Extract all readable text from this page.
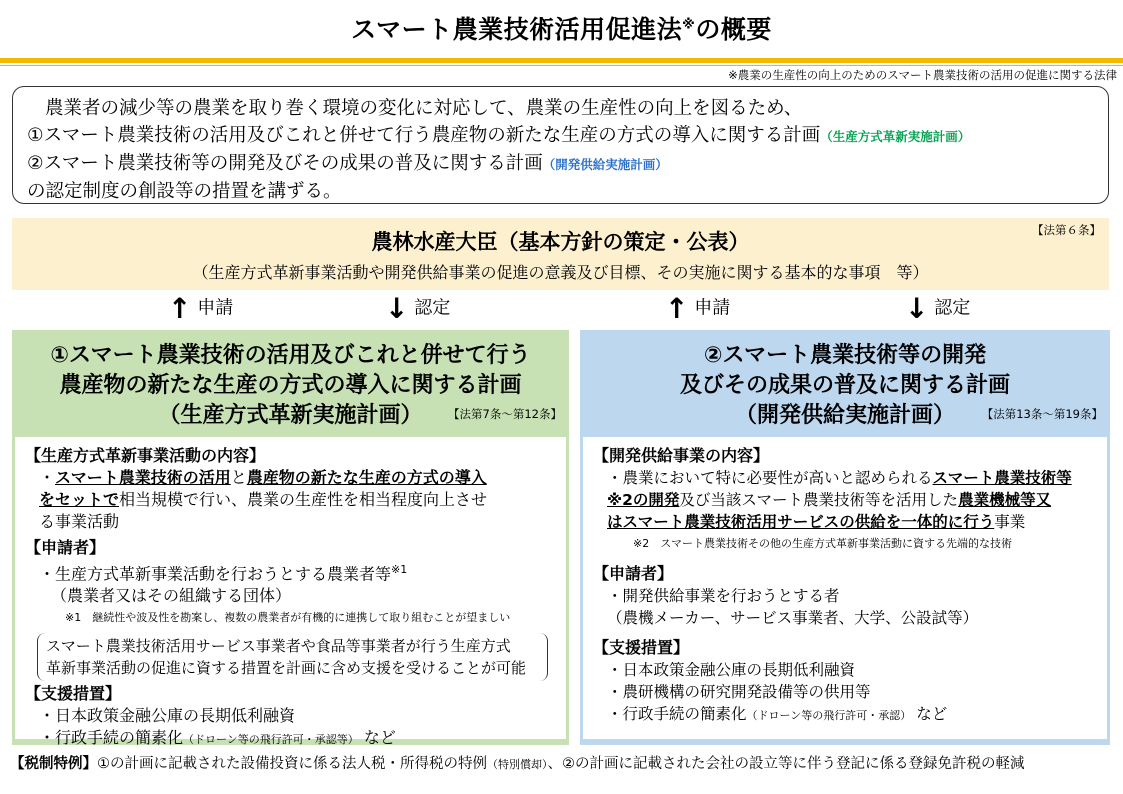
スマート農業技術活用促進法※の概要
※農業の生産性の向上のためのスマート農業技術の活用の促進に関する法律
農業者の減少等の農業を取り巻く環境の変化に対応して、農業の生産性の向上を図るため、
①スマート農業技術の活用及びこれと併せて行う農産物の新たな生産の方式の導入に関する計画（生産方式革新実施計画）
②スマート農業技術等の開発及びその成果の普及に関する計画（開発供給実施計画）
の認定制度の創設等の措置を講ずる。
農林水産大臣（基本方針の策定・公表）
（生産方式革新事業活動や開発供給事業の促進の意義及び目標、その実施に関する基本的な事項　等）
【法第６条】
↑ 申請	↓ 認定	↑ 申請	↓ 認定
①スマート農業技術の活用及びこれと併せて行う
農産物の新たな生産の方式の導入に関する計画
（生産方式革新実施計画）	【法第7条～第12条】
【生産方式革新事業活動の内容】
・スマート農業技術の活用と農産物の新たな生産の方式の導入
をセットで相当規模で行い、農業の生産性を相当程度向上させ
る事業活動
【申請者】
・生産方式革新事業活動を行おうとする農業者等$^{※1}$
（農業者又はその組織する団体）
※1　継続性や波及性を勘案し、複数の農業者が有機的に連携して取り組むことが望ましい
スマート農業技術活用サービス事業者や食品等事業者が行う生産方式
革新事業活動の促進に資する措置を計画に含め支援を受けることが可能
【支援措置】
・日本政策金融公庫の長期低利融資
・行政手続の簡素化（ドローン等の飛行許可・承認等） など
②スマート農業技術等の開発
及びその成果の普及に関する計画
（開発供給実施計画）	【法第13条～第19条】
【開発供給事業の内容】
・農業において特に必要性が高いと認められるスマート農業技術等
※2の開発及び当該スマート農業技術等を活用した農業機械等又
はスマート農業技術活用サービスの供給を一体的に行う事業
※2　スマート農業技術その他の生産方式革新事業活動に資する先端的な技術
【申請者】
・開発供給事業を行おうとする者
（農機メーカー、サービス事業者、大学、公設試等）
【支援措置】
・日本政策金融公庫の長期低利融資
・農研機構の研究開発設備等の供用等
・行政手続の簡素化（ドローン等の飛行許可・承認） など
【税制特例】①の計画に記載された設備投資に係る法人税・所得税の特例（特別償却）、②の計画に記載された会社の設立等に伴う登記に係る登録免許税の軽減
